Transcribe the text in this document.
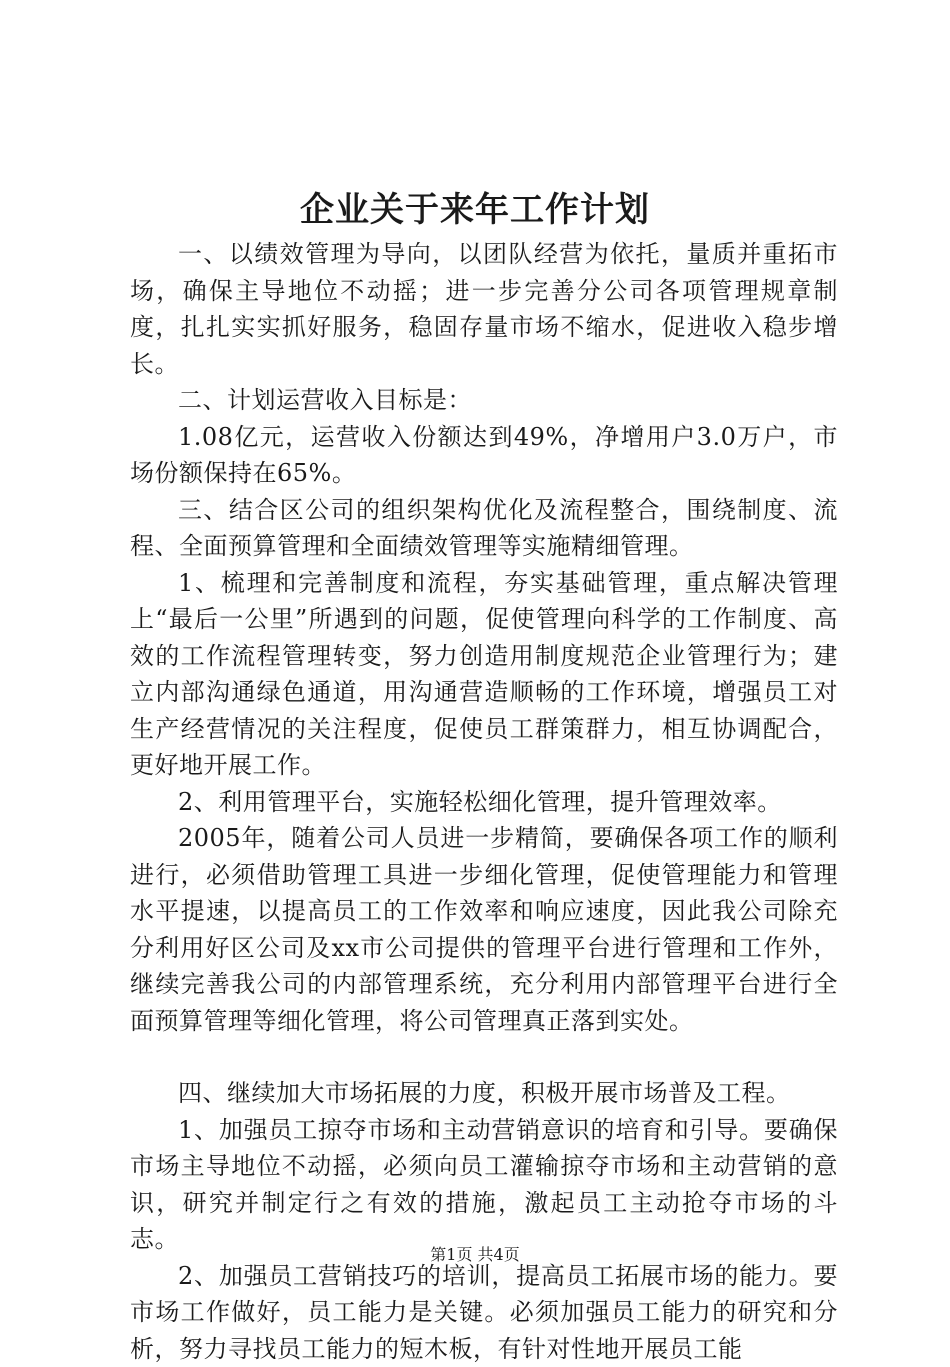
企业关于来年工作计划

一、以绩效管理为导向，以团队经营为依托，量质并重拓市场，确保主导地位不动摇；进一步完善分公司各项管理规章制度，扎扎实实抓好服务，稳固存量市场不缩水，促进收入稳步增长。

二、计划运营收入目标是：

1.08亿元，运营收入份额达到49%，净增用户3.0万户，市场份额保持在65%。

三、结合区公司的组织架构优化及流程整合，围绕制度、流程、全面预算管理和全面绩效管理等实施精细管理。

1、梳理和完善制度和流程，夯实基础管理，重点解决管理上“最后一公里”所遇到的问题，促使管理向科学的工作制度、高效的工作流程管理转变，努力创造用制度规范企业管理行为；建立内部沟通绿色通道，用沟通营造顺畅的工作环境，增强员工对生产经营情况的关注程度，促使员工群策群力，相互协调配合，更好地开展工作。

2、利用管理平台，实施轻松细化管理，提升管理效率。

2005年，随着公司人员进一步精简，要确保各项工作的顺利进行，必须借助管理工具进一步细化管理，促使管理能力和管理水平提速，以提高员工的工作效率和响应速度，因此我公司除充分利用好区公司及xx市公司提供的管理平台进行管理和工作外，继续完善我公司的内部管理系统，充分利用内部管理平台进行全面预算管理等细化管理，将公司管理真正落到实处。

四、继续加大市场拓展的力度，积极开展市场普及工程。

1、加强员工掠夺市场和主动营销意识的培育和引导。要确保市场主导地位不动摇，必须向员工灌输掠夺市场和主动营销的意识，研究并制定行之有效的措施，激起员工主动抢夺市场的斗志。

2、加强员工营销技巧的培训，提高员工拓展市场的能力。要市场工作做好，员工能力是关键。必须加强员工能力的研究和分析，努力寻找员工能力的短木板，有针对性地开展员工能

第1页 共4页
